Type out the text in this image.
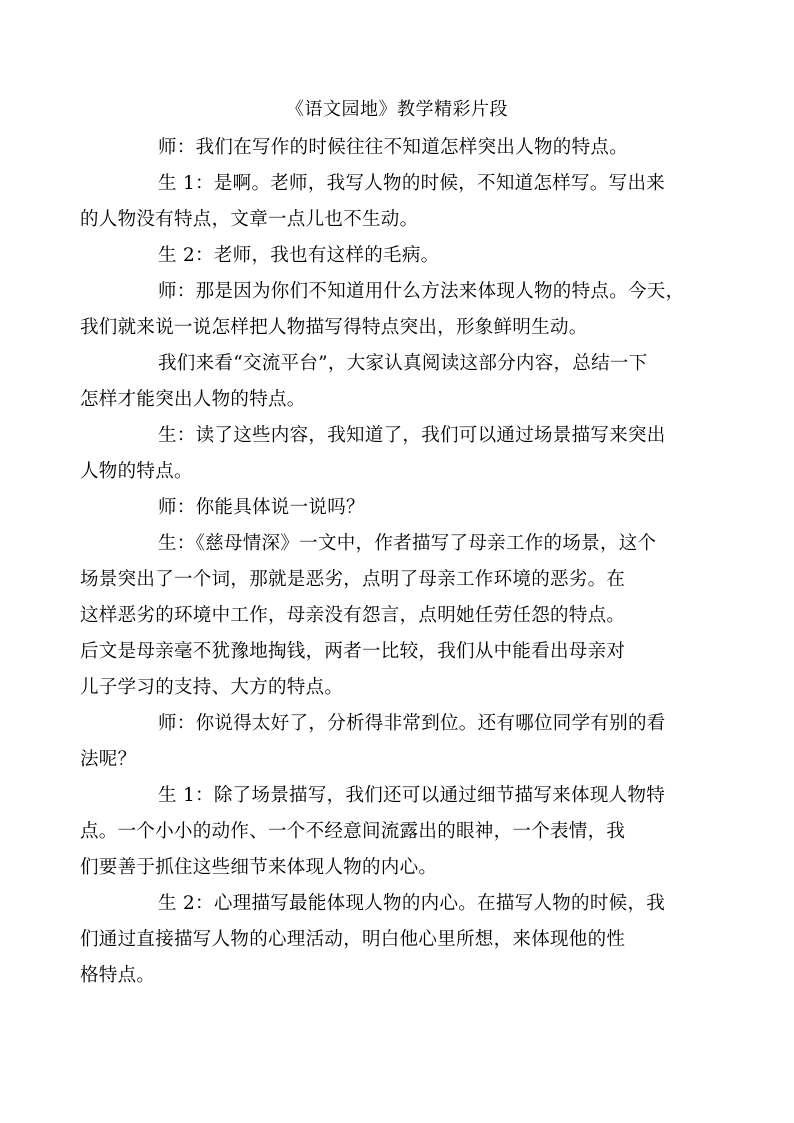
《语文园地》教学精彩片段

师：我们在写作的时候往往不知道怎样突出人物的特点。

生 1：是啊。老师，我写人物的时候，不知道怎样写。写出来
的人物没有特点，文章一点儿也不生动。

生 2：老师，我也有这样的毛病。

师：那是因为你们不知道用什么方法来体现人物的特点。今天，
我们就来说一说怎样把人物描写得特点突出，形象鲜明生动。

我们来看“交流平台”，大家认真阅读这部分内容，总结一下
怎样才能突出人物的特点。

生：读了这些内容，我知道了，我们可以通过场景描写来突出
人物的特点。

师：你能具体说一说吗？

生：《慈母情深》一文中，作者描写了母亲工作的场景，这个
场景突出了一个词，那就是恶劣，点明了母亲工作环境的恶劣。在
这样恶劣的环境中工作，母亲没有怨言，点明她任劳任怨的特点。
后文是母亲毫不犹豫地掏钱，两者一比较，我们从中能看出母亲对
儿子学习的支持、大方的特点。

师：你说得太好了，分析得非常到位。还有哪位同学有别的看
法呢？

生 1：除了场景描写，我们还可以通过细节描写来体现人物特
点。一个小小的动作、一个不经意间流露出的眼神，一个表情，我
们要善于抓住这些细节来体现人物的内心。

生 2：心理描写最能体现人物的内心。在描写人物的时候，我
们通过直接描写人物的心理活动，明白他心里所想，来体现他的性
格特点。
